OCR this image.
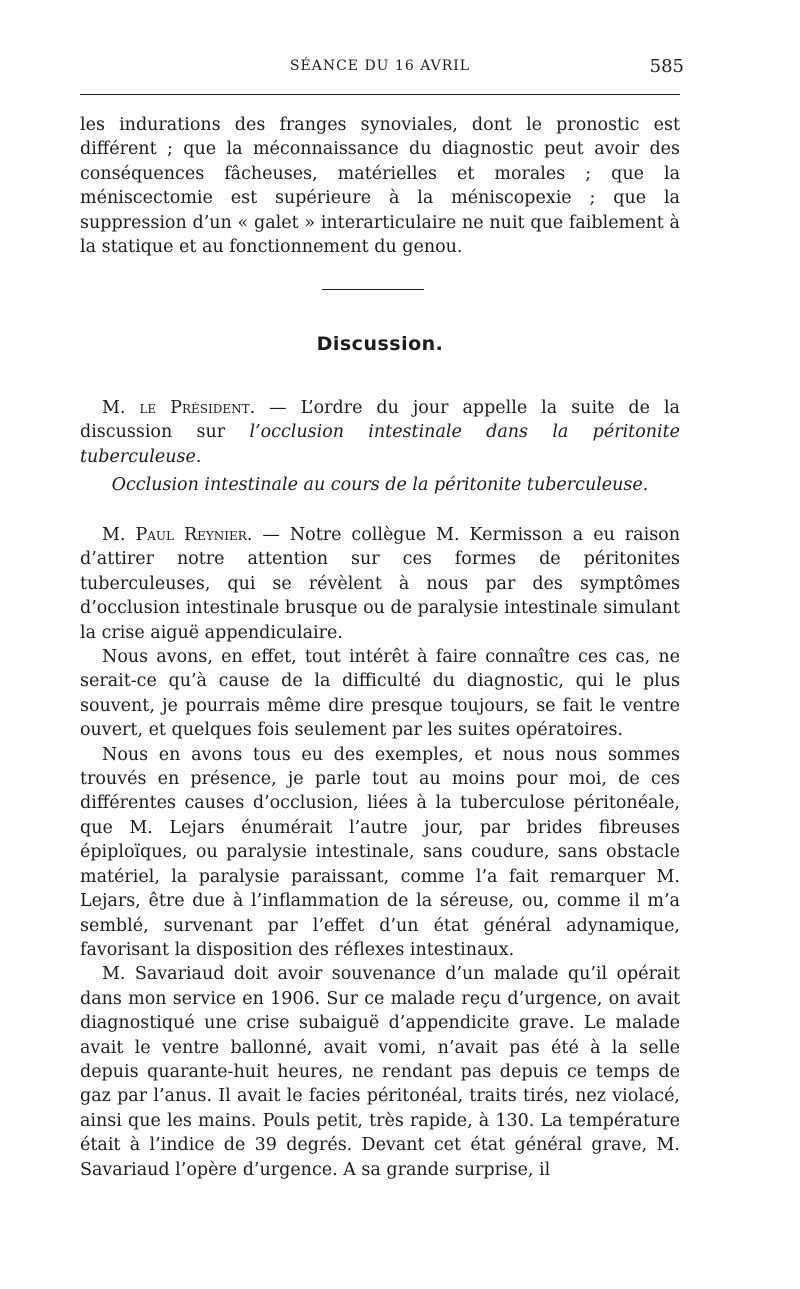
SÉANCE DU 16 AVRIL	585

les indurations des franges synoviales, dont le pronostic est différent ; que la méconnaissance du diagnostic peut avoir des conséquences fâcheuses, matérielles et morales ; que la méniscectomie est supérieure à la méniscopexie ; que la suppression d’un « galet » interarticulaire ne nuit que faiblement à la statique et au fonctionnement du genou.

Discussion.

M. le Président. — L’ordre du jour appelle la suite de la discussion sur l’occlusion intestinale dans la péritonite tuberculeuse.

Occlusion intestinale au cours de la péritonite tuberculeuse.

M. Paul Reynier. — Notre collègue M. Kermisson a eu raison d’attirer notre attention sur ces formes de péritonites tuberculeuses, qui se révèlent à nous par des symptômes d’occlusion intestinale brusque ou de paralysie intestinale simulant la crise aiguë appendiculaire.

Nous avons, en effet, tout intérêt à faire connaître ces cas, ne serait-ce qu’à cause de la difficulté du diagnostic, qui le plus souvent, je pourrais même dire presque toujours, se fait le ventre ouvert, et quelques fois seulement par les suites opératoires.

Nous en avons tous eu des exemples, et nous nous sommes trouvés en présence, je parle tout au moins pour moi, de ces différentes causes d’occlusion, liées à la tuberculose péritonéale, que M. Lejars énumérait l’autre jour, par brides fibreuses épiploïques, ou paralysie intestinale, sans coudure, sans obstacle matériel, la paralysie paraissant, comme l’a fait remarquer M. Lejars, être due à l’inflammation de la séreuse, ou, comme il m’a semblé, survenant par l’effet d’un état général adynamique, favorisant la disposition des réflexes intestinaux.

M. Savariaud doit avoir souvenance d’un malade qu’il opérait dans mon service en 1906. Sur ce malade reçu d’urgence, on avait diagnostiqué une crise subaiguë d’appendicite grave. Le malade avait le ventre ballonné, avait vomi, n’avait pas été à la selle depuis quarante-huit heures, ne rendant pas depuis ce temps de gaz par l’anus. Il avait le facies péritonéal, traits tirés, nez violacé, ainsi que les mains. Pouls petit, très rapide, à 130. La température était à l’indice de 39 degrés. Devant cet état général grave, M. Savariaud l’opère d’urgence. A sa grande surprise, il
